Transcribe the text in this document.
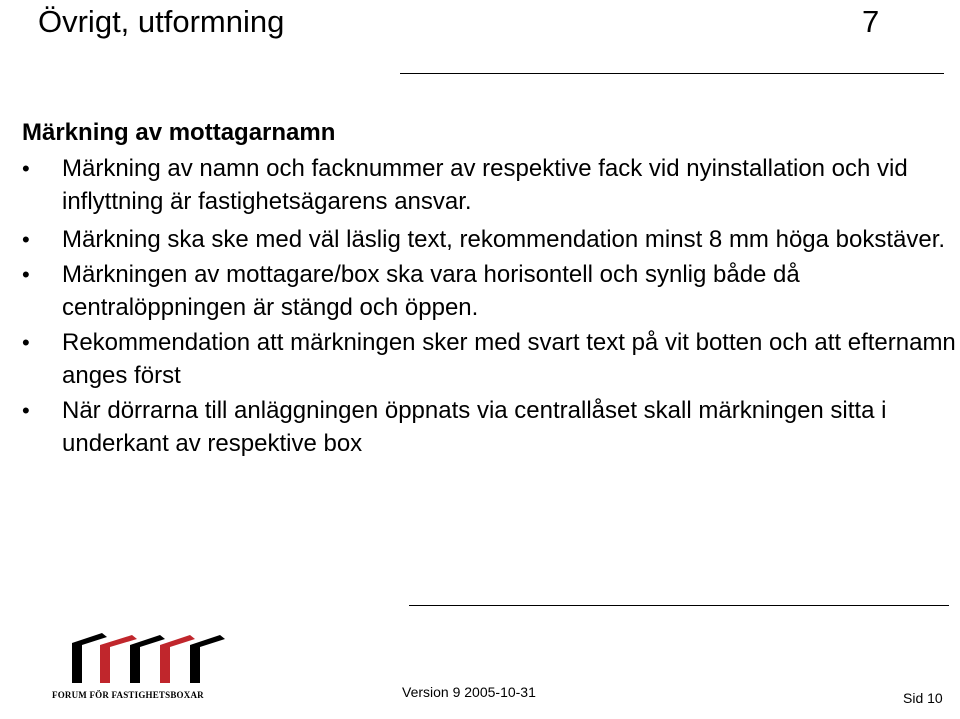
Övrigt, utformning	7
Märkning av mottagarnamn
• Märkning av namn och facknummer av respektive fack vid nyinstallation och vid inflyttning är fastighetsägarens ansvar.
• Märkning ska ske med väl läslig text, rekommendation minst 8 mm höga bokstäver.
• Märkningen av mottagare/box ska vara horisontell och synlig både då centralöppningen är stängd och öppen.
• Rekommendation att märkningen sker med svart text på vit botten och att efternamn anges först
• När dörrarna till anläggningen öppnats via centrallåset skall märkningen sitta i underkant av respektive box
FORUM FÖR FASTIGHETSBOXAR	Version 9 2005-10-31	Sid 10
